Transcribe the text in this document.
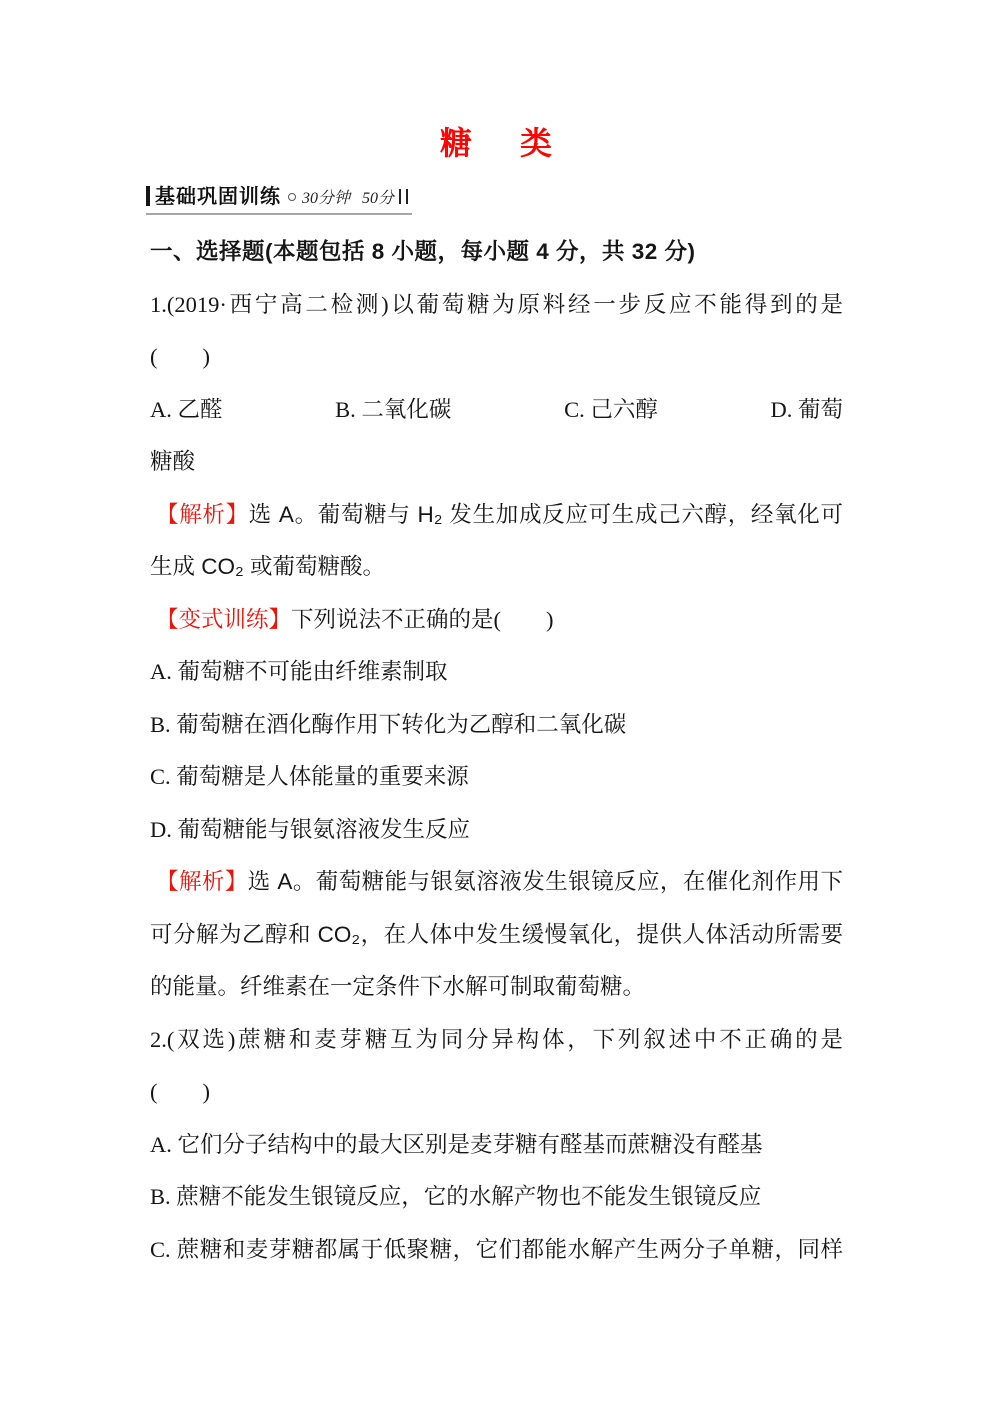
糖　类
基础巩固训练 30分钟 50分
一、选择题(本题包括 8 小题，每小题 4 分，共 32 分)
1.(2019·西宁高二检测)以葡萄糖为原料经一步反应不能得到的是
(　　)
A. 乙醛	B. 二氧化碳	C. 己六醇	D. 葡萄
糖酸
【解析】选 A。葡萄糖与 H₂ 发生加成反应可生成己六醇，经氧化可
生成 CO₂ 或葡萄糖酸。
【变式训练】下列说法不正确的是(　　)
A. 葡萄糖不可能由纤维素制取
B. 葡萄糖在酒化酶作用下转化为乙醇和二氧化碳
C. 葡萄糖是人体能量的重要来源
D. 葡萄糖能与银氨溶液发生反应
【解析】选 A。葡萄糖能与银氨溶液发生银镜反应，在催化剂作用下
可分解为乙醇和 CO₂，在人体中发生缓慢氧化，提供人体活动所需要
的能量。纤维素在一定条件下水解可制取葡萄糖。
2.(双选)蔗糖和麦芽糖互为同分异构体，下列叙述中不正确的是
(　　)
A. 它们分子结构中的最大区别是麦芽糖有醛基而蔗糖没有醛基
B. 蔗糖不能发生银镜反应，它的水解产物也不能发生银镜反应
C. 蔗糖和麦芽糖都属于低聚糖，它们都能水解产生两分子单糖，同样
